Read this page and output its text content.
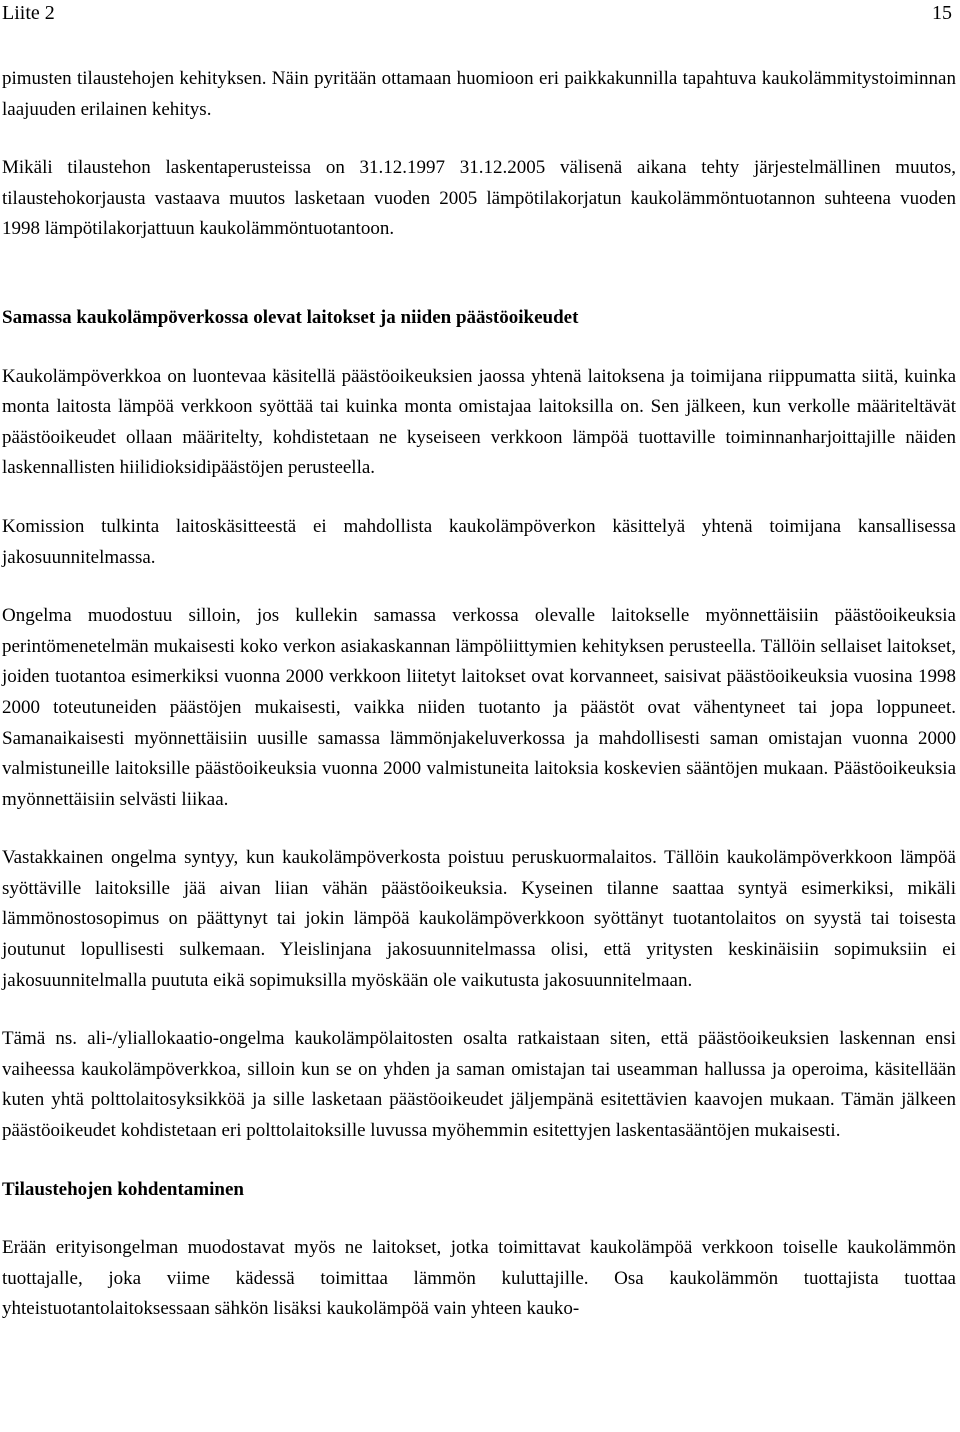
Liite 2	15

pimusten tilaustehojen kehityksen. Näin pyritään ottamaan huomioon eri paikkakunnilla tapahtuva kaukolämmitystoiminnan laajuuden erilainen kehitys.

Mikäli tilaustehon laskentaperusteissa on 31.12.1997 31.12.2005 välisenä aikana tehty järjestelmällinen muutos, tilaustehokorjausta vastaava muutos lasketaan vuoden 2005 lämpötilakorjatun kaukolämmöntuotannon suhteena vuoden 1998 lämpötilakorjattuun kaukolämmöntuotantoon.

Samassa kaukolämpöverkossa olevat laitokset ja niiden päästöoikeudet

Kaukolämpöverkkoa on luontevaa käsitellä päästöoikeuksien jaossa yhtenä laitoksena ja toimijana riippumatta siitä, kuinka monta laitosta lämpöä verkkoon syöttää tai kuinka monta omistajaa laitoksilla on. Sen jälkeen, kun verkolle määriteltävät päästöoikeudet ollaan määritelty, kohdistetaan ne kyseiseen verkkoon lämpöä tuottaville toiminnanharjoittajille näiden laskennallisten hiilidioksidipäästöjen perusteella.

Komission tulkinta laitoskäsitteestä ei mahdollista kaukolämpöverkon käsittelyä yhtenä toimijana kansallisessa jakosuunnitelmassa.

Ongelma muodostuu silloin, jos kullekin samassa verkossa olevalle laitokselle myönnettäisiin päästöoikeuksia perintömenetelmän mukaisesti koko verkon asiakaskannan lämpöliittymien kehityksen perusteella. Tällöin sellaiset laitokset, joiden tuotantoa esimerkiksi vuonna 2000 verkkoon liitetyt laitokset ovat korvanneet, saisivat päästöoikeuksia vuosina 1998 2000 toteutuneiden päästöjen mukaisesti, vaikka niiden tuotanto ja päästöt ovat vähentyneet tai jopa loppuneet. Samanaikaisesti myönnettäisiin uusille samassa lämmönjakeluverkossa ja mahdollisesti saman omistajan vuonna 2000 valmistuneille laitoksille päästöoikeuksia vuonna 2000 valmistuneita laitoksia koskevien sääntöjen mukaan. Päästöoikeuksia myönnettäisiin selvästi liikaa.

Vastakkainen ongelma syntyy, kun kaukolämpöverkosta poistuu peruskuormalaitos. Tällöin kaukolämpöverkkoon lämpöä syöttäville laitoksille jää aivan liian vähän päästöoikeuksia. Kyseinen tilanne saattaa syntyä esimerkiksi, mikäli lämmönostosopimus on päättynyt tai jokin lämpöä kaukolämpöverkkoon syöttänyt tuotantolaitos on syystä tai toisesta joutunut lopullisesti sulkemaan. Yleislinjana jakosuunnitelmassa olisi, että yritysten keskinäisiin sopimuksiin ei jakosuunnitelmalla puututa eikä sopimuksilla myöskään ole vaikutusta jakosuunnitelmaan.

Tämä ns. ali-/yliallokaatio-ongelma kaukolämpölaitosten osalta ratkaistaan siten, että päästöoikeuksien laskennan ensi vaiheessa kaukolämpöverkkoa, silloin kun se on yhden ja saman omistajan tai useamman hallussa ja operoima, käsitellään kuten yhtä polttolaitosyksikköä ja sille lasketaan päästöoikeudet jäljempänä esitettävien kaavojen mukaan. Tämän jälkeen päästöoikeudet kohdistetaan eri polttolaitoksille luvussa myöhemmin esitettyjen laskentasääntöjen mukaisesti.

Tilaustehojen kohdentaminen

Erään erityisongelman muodostavat myös ne laitokset, jotka toimittavat kaukolämpöä verkkoon toiselle kaukolämmön tuottajalle, joka viime kädessä toimittaa lämmön kuluttajille. Osa kaukolämmön tuottajista tuottaa yhteistuotantolaitoksessaan sähkön lisäksi kaukolämpöä vain yhteen kauko-
